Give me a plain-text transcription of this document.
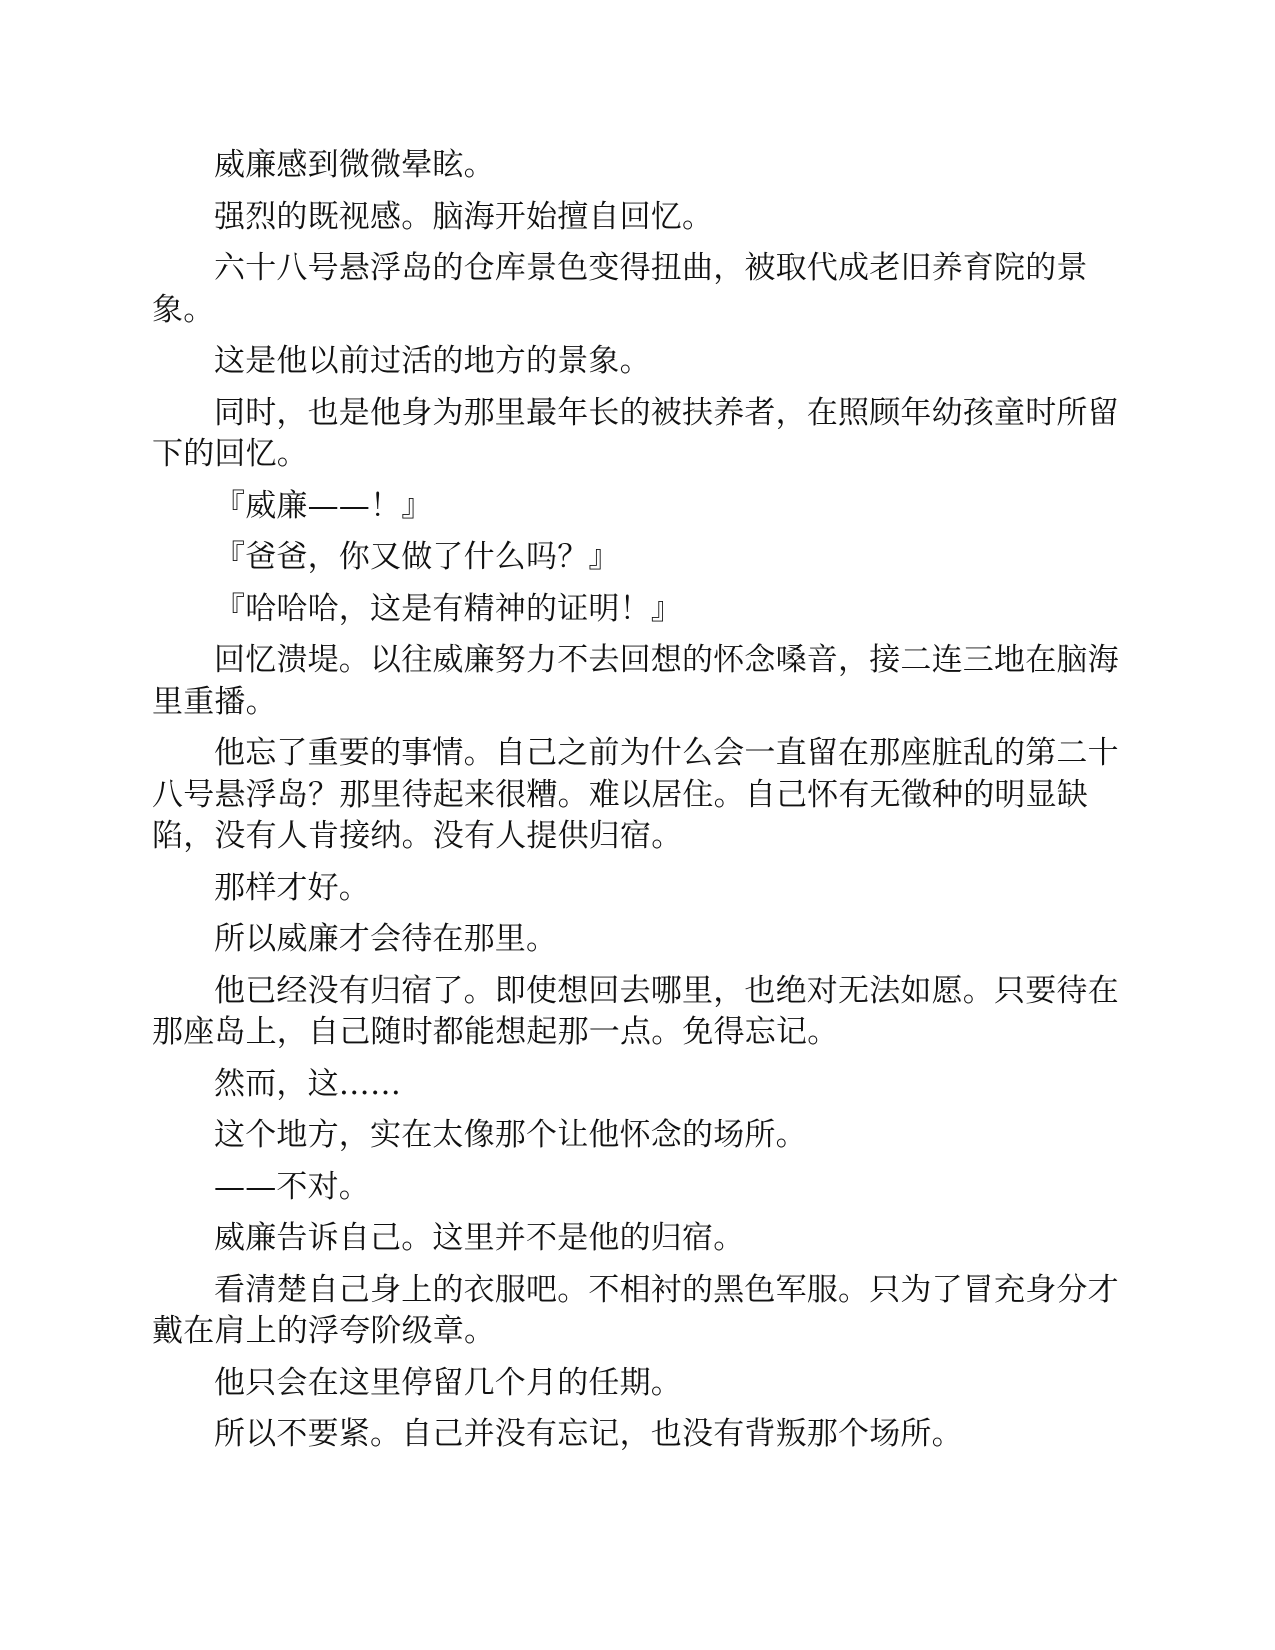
威廉感到微微晕眩。

强烈的既视感。脑海开始擅自回忆。

六十八号悬浮岛的仓库景色变得扭曲，被取代成老旧养育院的景象。

这是他以前过活的地方的景象。

同时，也是他身为那里最年长的被扶养者，在照顾年幼孩童时所留下的回忆。

『威廉——！』

『爸爸，你又做了什么吗？』

『哈哈哈，这是有精神的证明！』

回忆溃堤。以往威廉努力不去回想的怀念嗓音，接二连三地在脑海里重播。

他忘了重要的事情。自己之前为什么会一直留在那座脏乱的第二十八号悬浮岛？那里待起来很糟。难以居住。自己怀有无徵种的明显缺陷，没有人肯接纳。没有人提供归宿。

那样才好。

所以威廉才会待在那里。

他已经没有归宿了。即使想回去哪里，也绝对无法如愿。只要待在那座岛上，自己随时都能想起那一点。免得忘记。

然而，这……

这个地方，实在太像那个让他怀念的场所。

——不对。

威廉告诉自己。这里并不是他的归宿。

看清楚自己身上的衣服吧。不相衬的黑色军服。只为了冒充身分才戴在肩上的浮夸阶级章。

他只会在这里停留几个月的任期。

所以不要紧。自己并没有忘记，也没有背叛那个场所。
